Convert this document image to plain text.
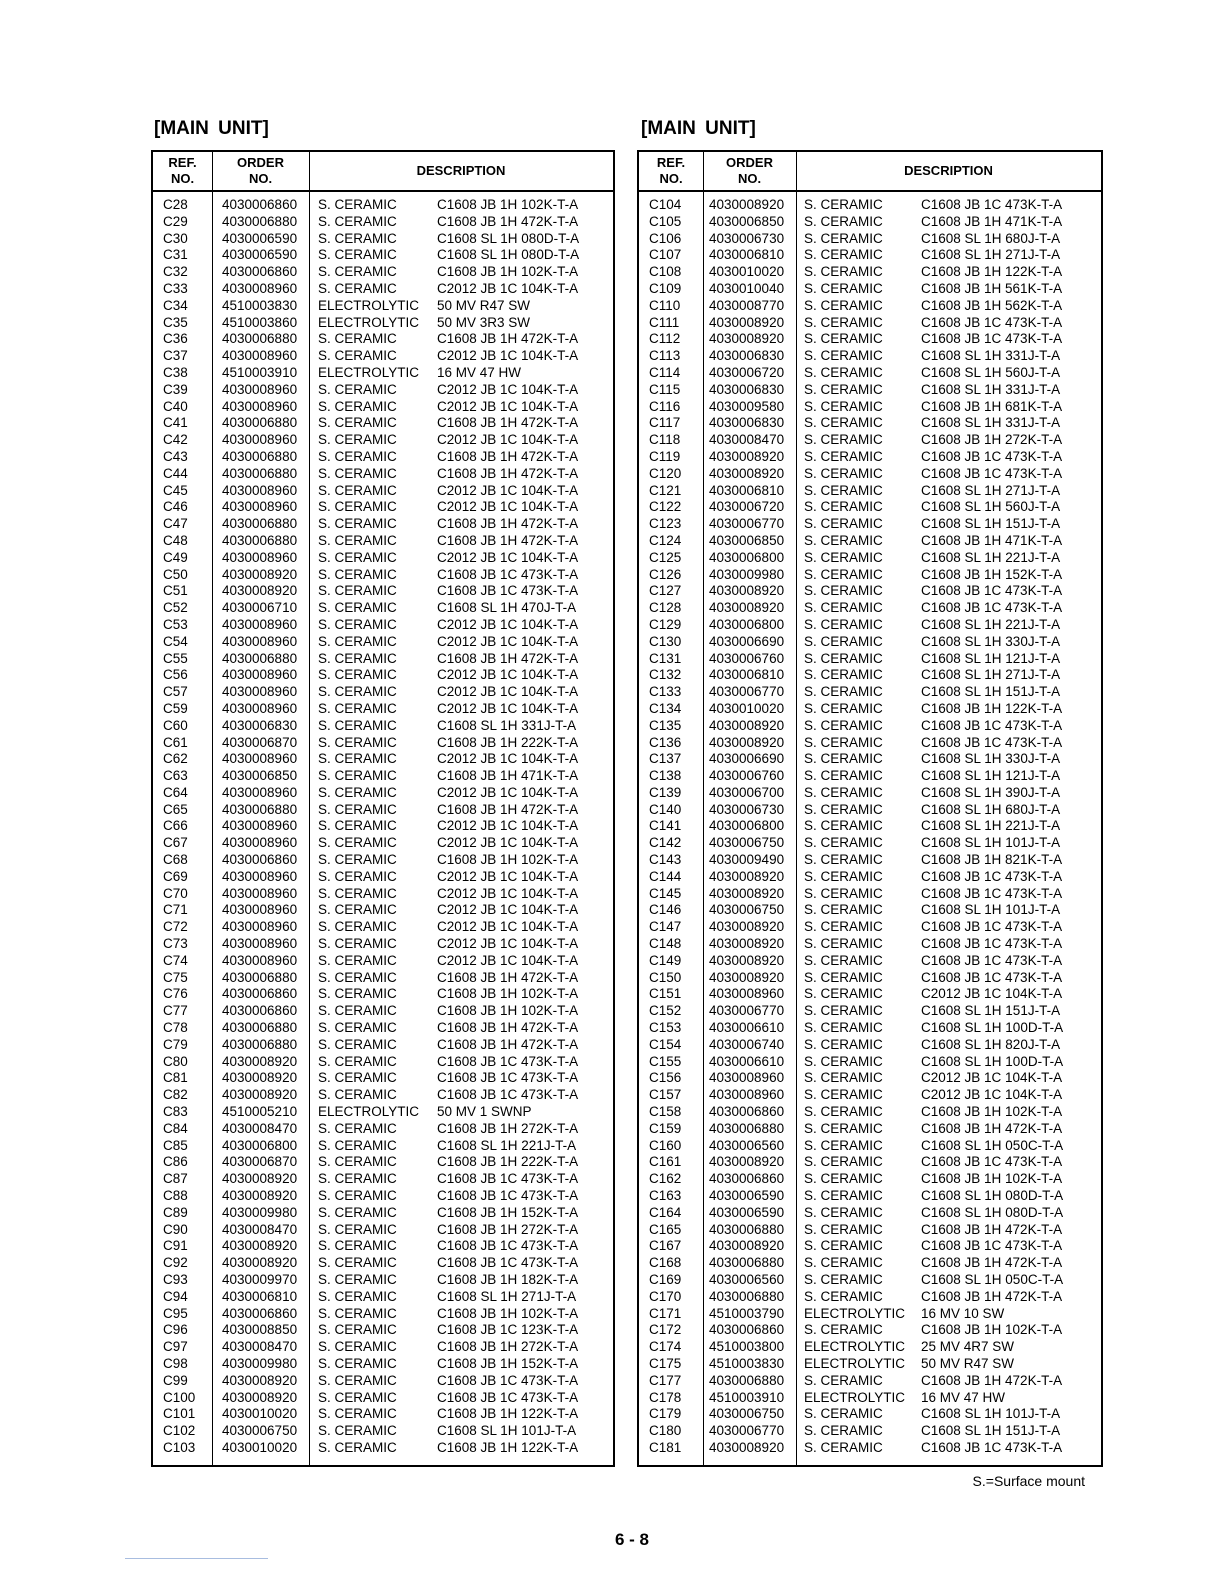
[MAIN UNIT]	[MAIN UNIT]
REF.
NO.
ORDER
NO.
DESCRIPTION
C28	4030006860 S. CERAMIC	C1608 JB 1H 102K-T-A
C29	4030006880 S. CERAMIC	C1608 JB 1H 472K-T-A
C30	4030006590 S. CERAMIC	C1608 SL 1H 080D-T-A
C31	4030006590 S. CERAMIC	C1608 SL 1H 080D-T-A
C32	4030006860 S. CERAMIC	C1608 JB 1H 102K-T-A
C33	4030008960 S. CERAMIC	C2012 JB 1C 104K-T-A
C34	4510003830 ELECTROLYTIC 50 MV R47 SW
C35	4510003860 ELECTROLYTIC 50 MV 3R3 SW
C36	4030006880 S. CERAMIC	C1608 JB 1H 472K-T-A
C37	4030008960 S. CERAMIC	C2012 JB 1C 104K-T-A
C38	4510003910 ELECTROLYTIC 16 MV 47 HW
C39	4030008960 S. CERAMIC	C2012 JB 1C 104K-T-A
C40	4030008960 S. CERAMIC	C2012 JB 1C 104K-T-A
C41	4030006880 S. CERAMIC	C1608 JB 1H 472K-T-A
C42	4030008960 S. CERAMIC	C2012 JB 1C 104K-T-A
C43	4030006880 S. CERAMIC	C1608 JB 1H 472K-T-A
C44	4030006880 S. CERAMIC	C1608 JB 1H 472K-T-A
C45	4030008960 S. CERAMIC	C2012 JB 1C 104K-T-A
C46	4030008960 S. CERAMIC	C2012 JB 1C 104K-T-A
C47	4030006880 S. CERAMIC	C1608 JB 1H 472K-T-A
C48	4030006880 S. CERAMIC	C1608 JB 1H 472K-T-A
C49	4030008960 S. CERAMIC	C2012 JB 1C 104K-T-A
C50	4030008920 S. CERAMIC	C1608 JB 1C 473K-T-A
C51	4030008920 S. CERAMIC	C1608 JB 1C 473K-T-A
C52	4030006710 S. CERAMIC	C1608 SL 1H 470J-T-A
C53	4030008960 S. CERAMIC	C2012 JB 1C 104K-T-A
C54	4030008960 S. CERAMIC	C2012 JB 1C 104K-T-A
C55	4030006880 S. CERAMIC	C1608 JB 1H 472K-T-A
C56	4030008960 S. CERAMIC	C2012 JB 1C 104K-T-A
C57	4030008960 S. CERAMIC	C2012 JB 1C 104K-T-A
C59	4030008960 S. CERAMIC	C2012 JB 1C 104K-T-A
C60	4030006830 S. CERAMIC	C1608 SL 1H 331J-T-A
C61	4030006870 S. CERAMIC	C1608 JB 1H 222K-T-A
C62	4030008960 S. CERAMIC	C2012 JB 1C 104K-T-A
C63	4030006850 S. CERAMIC	C1608 JB 1H 471K-T-A
C64	4030008960 S. CERAMIC	C2012 JB 1C 104K-T-A
C65	4030006880 S. CERAMIC	C1608 JB 1H 472K-T-A
C66	4030008960 S. CERAMIC	C2012 JB 1C 104K-T-A
C67	4030008960 S. CERAMIC	C2012 JB 1C 104K-T-A
C68	4030006860 S. CERAMIC	C1608 JB 1H 102K-T-A
C69	4030008960 S. CERAMIC	C2012 JB 1C 104K-T-A
C70	4030008960 S. CERAMIC	C2012 JB 1C 104K-T-A
C71	4030008960 S. CERAMIC	C2012 JB 1C 104K-T-A
C72	4030008960 S. CERAMIC	C2012 JB 1C 104K-T-A
C73	4030008960 S. CERAMIC	C2012 JB 1C 104K-T-A
C74	4030008960 S. CERAMIC	C2012 JB 1C 104K-T-A
C75	4030006880 S. CERAMIC	C1608 JB 1H 472K-T-A
C76	4030006860 S. CERAMIC	C1608 JB 1H 102K-T-A
C77	4030006860 S. CERAMIC	C1608 JB 1H 102K-T-A
C78	4030006880 S. CERAMIC	C1608 JB 1H 472K-T-A
C79	4030006880 S. CERAMIC	C1608 JB 1H 472K-T-A
C80	4030008920 S. CERAMIC	C1608 JB 1C 473K-T-A
C81	4030008920 S. CERAMIC	C1608 JB 1C 473K-T-A
C82	4030008920 S. CERAMIC	C1608 JB 1C 473K-T-A
C83	4510005210 ELECTROLYTIC 50 MV 1 SWNP
C84	4030008470 S. CERAMIC	C1608 JB 1H 272K-T-A
C85	4030006800 S. CERAMIC	C1608 SL 1H 221J-T-A
C86	4030006870 S. CERAMIC	C1608 JB 1H 222K-T-A
C87	4030008920 S. CERAMIC	C1608 JB 1C 473K-T-A
C88	4030008920 S. CERAMIC	C1608 JB 1C 473K-T-A
C89	4030009980 S. CERAMIC	C1608 JB 1H 152K-T-A
C90	4030008470 S. CERAMIC	C1608 JB 1H 272K-T-A
C91	4030008920 S. CERAMIC	C1608 JB 1C 473K-T-A
C92	4030008920 S. CERAMIC	C1608 JB 1C 473K-T-A
C93	4030009970 S. CERAMIC	C1608 JB 1H 182K-T-A
C94	4030006810 S. CERAMIC	C1608 SL 1H 271J-T-A
C95	4030006860 S. CERAMIC	C1608 JB 1H 102K-T-A
C96	4030008850 S. CERAMIC	C1608 JB 1C 123K-T-A
C97	4030008470 S. CERAMIC	C1608 JB 1H 272K-T-A
C98	4030009980 S. CERAMIC	C1608 JB 1H 152K-T-A
C99	4030008920 S. CERAMIC	C1608 JB 1C 473K-T-A
C100 4030008920 S. CERAMIC	C1608 JB 1C 473K-T-A
C101 4030010020 S. CERAMIC	C1608 JB 1H 122K-T-A
C102 4030006750 S. CERAMIC	C1608 SL 1H 101J-T-A
C103 4030010020 S. CERAMIC	C1608 JB 1H 122K-T-A
REF.
NO.
ORDER
NO.
DESCRIPTION
C104 4030008920 S. CERAMIC	C1608 JB 1C 473K-T-A
C105 4030006850 S. CERAMIC	C1608 JB 1H 471K-T-A
C106 4030006730 S. CERAMIC	C1608 SL 1H 680J-T-A
C107 4030006810 S. CERAMIC	C1608 SL 1H 271J-T-A
C108 4030010020 S. CERAMIC	C1608 JB 1H 122K-T-A
C109 4030010040 S. CERAMIC	C1608 JB 1H 561K-T-A
C110 4030008770 S. CERAMIC	C1608 JB 1H 562K-T-A
C111 4030008920 S. CERAMIC	C1608 JB 1C 473K-T-A
C112 4030008920 S. CERAMIC	C1608 JB 1C 473K-T-A
C113 4030006830 S. CERAMIC	C1608 SL 1H 331J-T-A
C114 4030006720 S. CERAMIC	C1608 SL 1H 560J-T-A
C115 4030006830 S. CERAMIC	C1608 SL 1H 331J-T-A
C116 4030009580 S. CERAMIC	C1608 JB 1H 681K-T-A
C117 4030006830 S. CERAMIC	C1608 SL 1H 331J-T-A
C118 4030008470 S. CERAMIC	C1608 JB 1H 272K-T-A
C119 4030008920 S. CERAMIC	C1608 JB 1C 473K-T-A
C120 4030008920 S. CERAMIC	C1608 JB 1C 473K-T-A
C121 4030006810 S. CERAMIC	C1608 SL 1H 271J-T-A
C122 4030006720 S. CERAMIC	C1608 SL 1H 560J-T-A
C123 4030006770 S. CERAMIC	C1608 SL 1H 151J-T-A
C124 4030006850 S. CERAMIC	C1608 JB 1H 471K-T-A
C125 4030006800 S. CERAMIC	C1608 SL 1H 221J-T-A
C126 4030009980 S. CERAMIC	C1608 JB 1H 152K-T-A
C127 4030008920 S. CERAMIC	C1608 JB 1C 473K-T-A
C128 4030008920 S. CERAMIC	C1608 JB 1C 473K-T-A
C129 4030006800 S. CERAMIC	C1608 SL 1H 221J-T-A
C130 4030006690 S. CERAMIC	C1608 SL 1H 330J-T-A
C131 4030006760 S. CERAMIC	C1608 SL 1H 121J-T-A
C132 4030006810 S. CERAMIC	C1608 SL 1H 271J-T-A
C133 4030006770 S. CERAMIC	C1608 SL 1H 151J-T-A
C134 4030010020 S. CERAMIC	C1608 JB 1H 122K-T-A
C135 4030008920 S. CERAMIC	C1608 JB 1C 473K-T-A
C136 4030008920 S. CERAMIC	C1608 JB 1C 473K-T-A
C137 4030006690 S. CERAMIC	C1608 SL 1H 330J-T-A
C138 4030006760 S. CERAMIC	C1608 SL 1H 121J-T-A
C139 4030006700 S. CERAMIC	C1608 SL 1H 390J-T-A
C140 4030006730 S. CERAMIC	C1608 SL 1H 680J-T-A
C141 4030006800 S. CERAMIC	C1608 SL 1H 221J-T-A
C142 4030006750 S. CERAMIC	C1608 SL 1H 101J-T-A
C143 4030009490 S. CERAMIC	C1608 JB 1H 821K-T-A
C144 4030008920 S. CERAMIC	C1608 JB 1C 473K-T-A
C145 4030008920 S. CERAMIC	C1608 JB 1C 473K-T-A
C146 4030006750 S. CERAMIC	C1608 SL 1H 101J-T-A
C147 4030008920 S. CERAMIC	C1608 JB 1C 473K-T-A
C148 4030008920 S. CERAMIC	C1608 JB 1C 473K-T-A
C149 4030008920 S. CERAMIC	C1608 JB 1C 473K-T-A
C150 4030008920 S. CERAMIC	C1608 JB 1C 473K-T-A
C151 4030008960 S. CERAMIC	C2012 JB 1C 104K-T-A
C152 4030006770 S. CERAMIC	C1608 SL 1H 151J-T-A
C153 4030006610 S. CERAMIC	C1608 SL 1H 100D-T-A
C154 4030006740 S. CERAMIC	C1608 SL 1H 820J-T-A
C155 4030006610 S. CERAMIC	C1608 SL 1H 100D-T-A
C156 4030008960 S. CERAMIC	C2012 JB 1C 104K-T-A
C157 4030008960 S. CERAMIC	C2012 JB 1C 104K-T-A
C158 4030006860 S. CERAMIC	C1608 JB 1H 102K-T-A
C159 4030006880 S. CERAMIC	C1608 JB 1H 472K-T-A
C160 4030006560 S. CERAMIC	C1608 SL 1H 050C-T-A
C161 4030008920 S. CERAMIC	C1608 JB 1C 473K-T-A
C162 4030006860 S. CERAMIC	C1608 JB 1H 102K-T-A
C163 4030006590 S. CERAMIC	C1608 SL 1H 080D-T-A
C164 4030006590 S. CERAMIC	C1608 SL 1H 080D-T-A
C165 4030006880 S. CERAMIC	C1608 JB 1H 472K-T-A
C167 4030008920 S. CERAMIC	C1608 JB 1C 473K-T-A
C168 4030006880 S. CERAMIC	C1608 JB 1H 472K-T-A
C169 4030006560 S. CERAMIC	C1608 SL 1H 050C-T-A
C170 4030006880 S. CERAMIC	C1608 JB 1H 472K-T-A
C171 4510003790 ELECTROLYTIC 16 MV 10 SW
C172 4030006860 S. CERAMIC	C1608 JB 1H 102K-T-A
C174 4510003800 ELECTROLYTIC 25 MV 4R7 SW
C175 4510003830 ELECTROLYTIC 50 MV R47 SW
C177 4030006880 S. CERAMIC	C1608 JB 1H 472K-T-A
C178 4510003910 ELECTROLYTIC 16 MV 47 HW
C179 4030006750 S. CERAMIC	C1608 SL 1H 101J-T-A
C180 4030006770 S. CERAMIC	C1608 SL 1H 151J-T-A
C181 4030008920 S. CERAMIC	C1608 JB 1C 473K-T-A
S.=Surface mount
6 - 8
